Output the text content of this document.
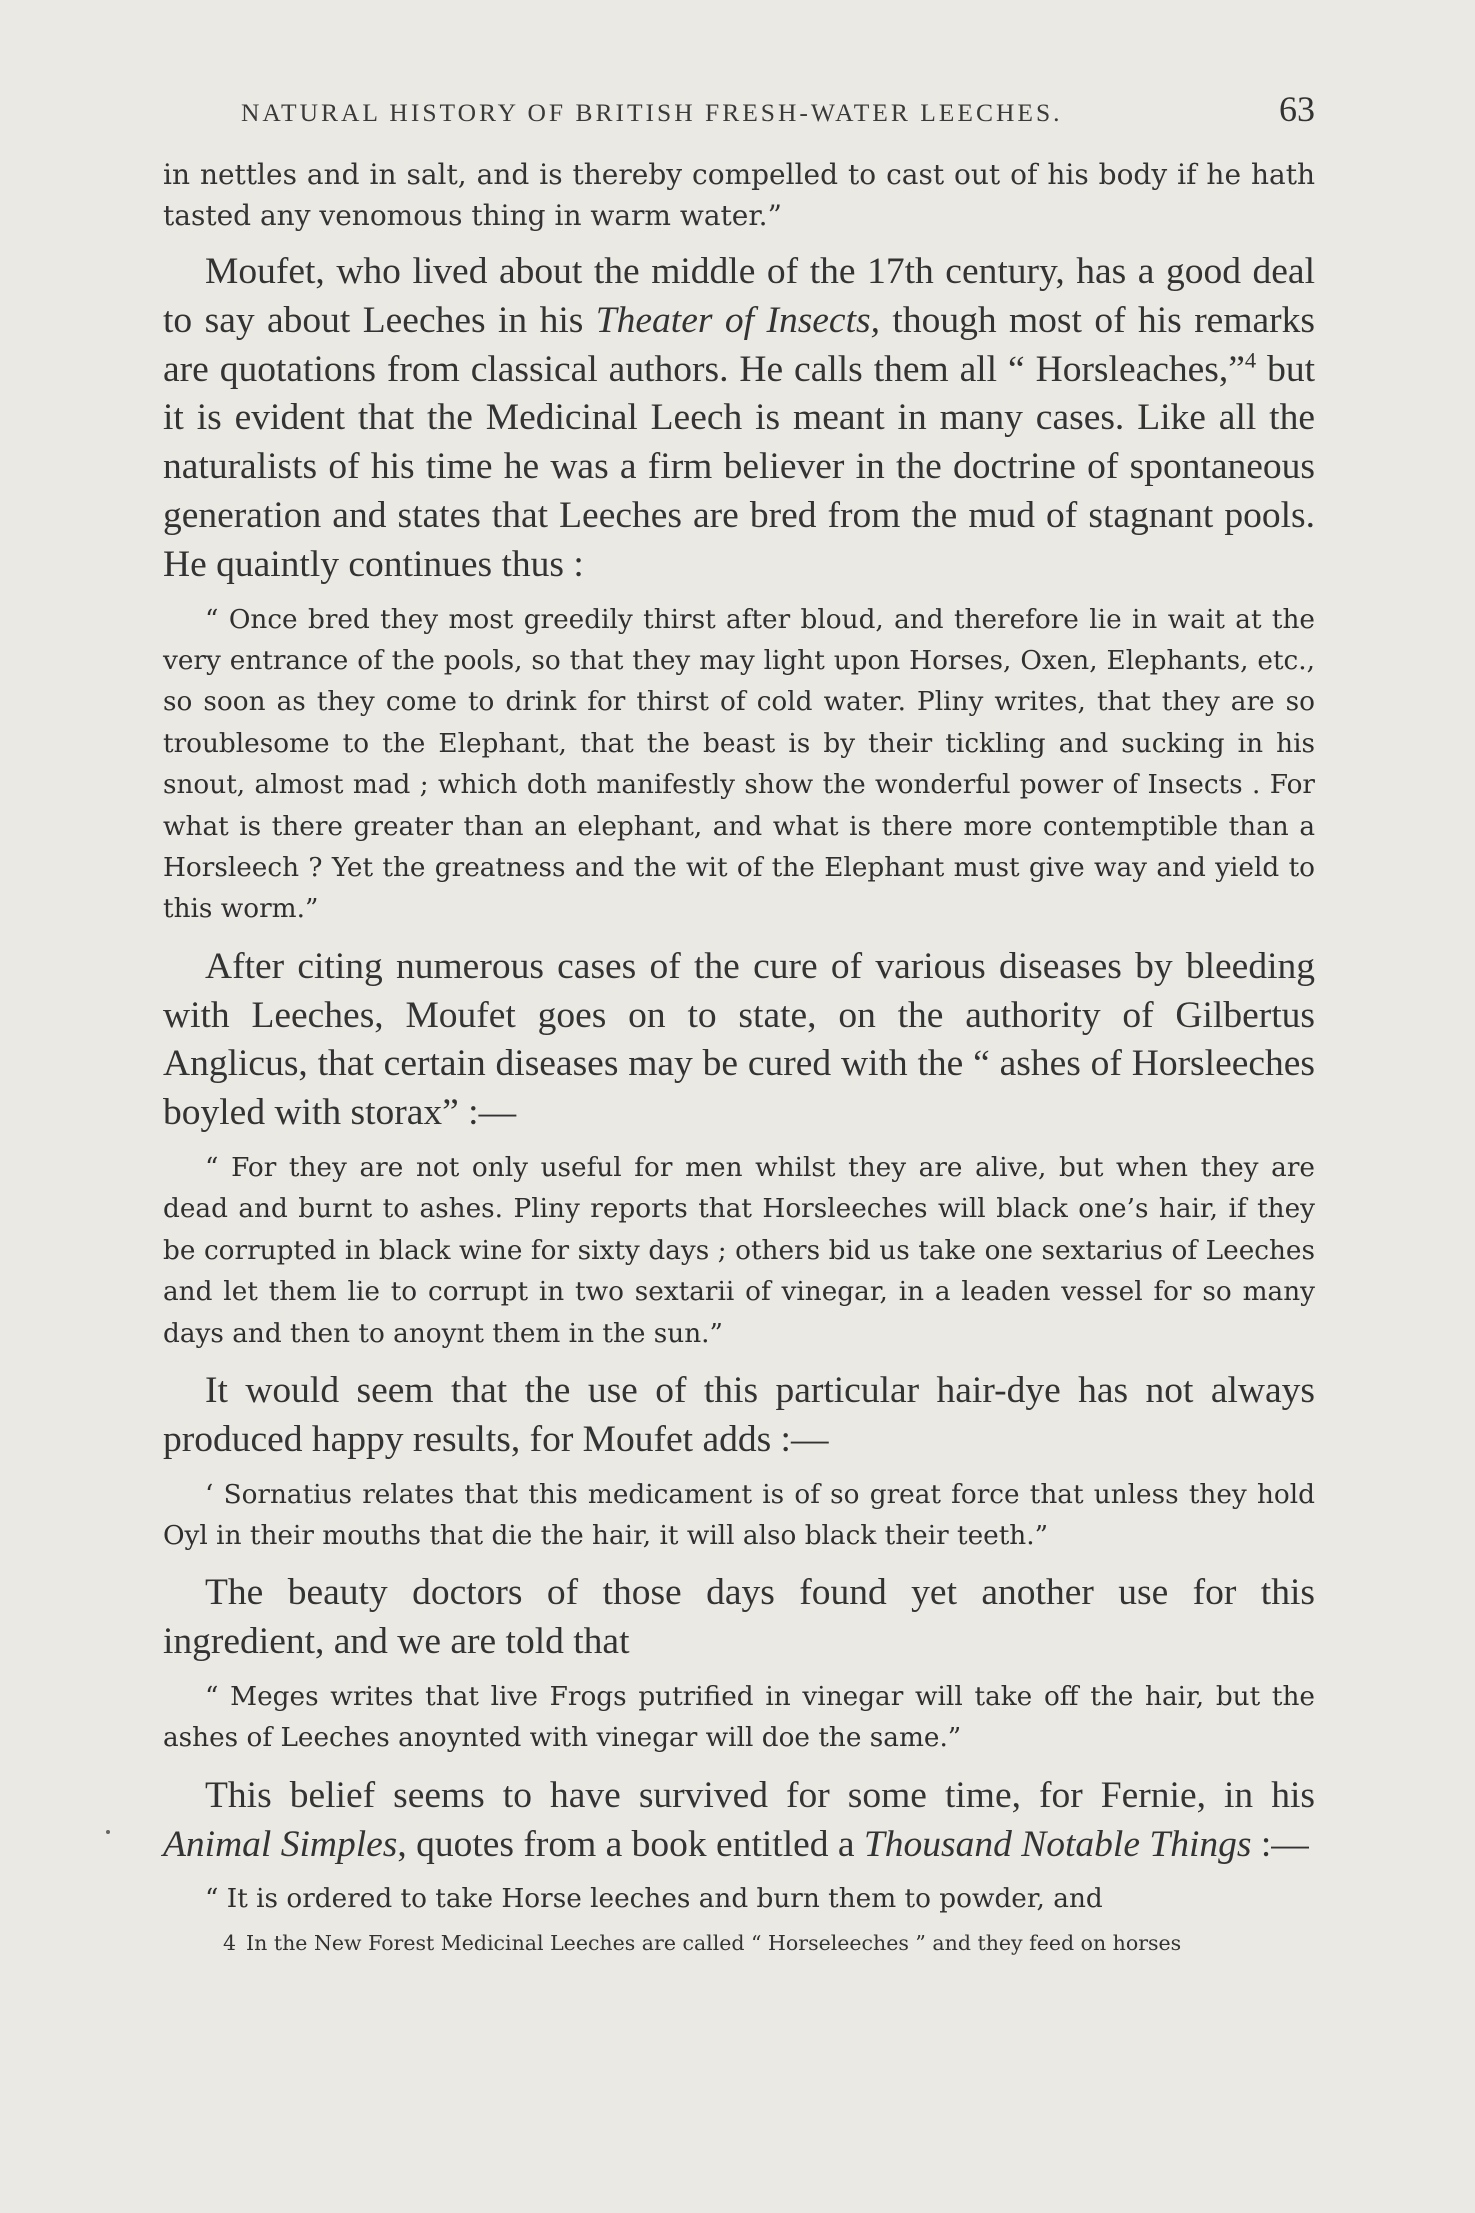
NATURAL HISTORY OF BRITISH FRESH-WATER LEECHES.	63

in nettles and in salt, and is thereby compelled to cast out of his body if he hath tasted any venomous thing in warm water.”

Moufet, who lived about the middle of the 17th century, has a good deal to say about Leeches in his Theater of Insects, though most of his remarks are quotations from classical authors. He calls them all “ Horsleaches,”$^4$ but it is evident that the Medicinal Leech is meant in many cases. Like all the naturalists of his time he was a firm believer in the doctrine of spontaneous generation and states that Leeches are bred from the mud of stagnant pools. He quaintly continues thus :

“ Once bred they most greedily thirst after bloud, and therefore lie in wait at the very entrance of the pools, so that they may light upon Horses, Oxen, Elephants, etc., so soon as they come to drink for thirst of cold water. Pliny writes, that they are so troublesome to the Elephant, that the beast is by their tickling and sucking in his snout, almost mad ; which doth manifestly show the wonderful power of Insects . For what is there greater than an elephant, and what is there more contemptible than a Horsleech ? Yet the greatness and the wit of the Elephant must give way and yield to this worm.”

After citing numerous cases of the cure of various diseases by bleeding with Leeches, Moufet goes on to state, on the authority of Gilbertus Anglicus, that certain diseases may be cured with the “ ashes of Horsleeches boyled with storax” :—

“ For they are not only useful for men whilst they are alive, but when they are dead and burnt to ashes. Pliny reports that Horsleeches will black one’s hair, if they be corrupted in black wine for sixty days ; others bid us take one sextarius of Leeches and let them lie to corrupt in two sextarii of vinegar, in a leaden vessel for so many days and then to anoynt them in the sun.”

It would seem that the use of this particular hair-dye has not always produced happy results, for Moufet adds :—

‘ Sornatius relates that this medicament is of so great force that unless they hold Oyl in their mouths that die the hair, it will also black their teeth.”

The beauty doctors of those days found yet another use for this ingredient, and we are told that

“ Meges writes that live Frogs putrified in vinegar will take off the hair, but the ashes of Leeches anoynted with vinegar will doe the same.”

This belief seems to have survived for some time, for Fernie, in his Animal Simples, quotes from a book entitled a Thousand Notable Things :—

“ It is ordered to take Horse leeches and burn them to powder, and

4 In the New Forest Medicinal Leeches are called “ Horseleeches ” and they feed on horses
